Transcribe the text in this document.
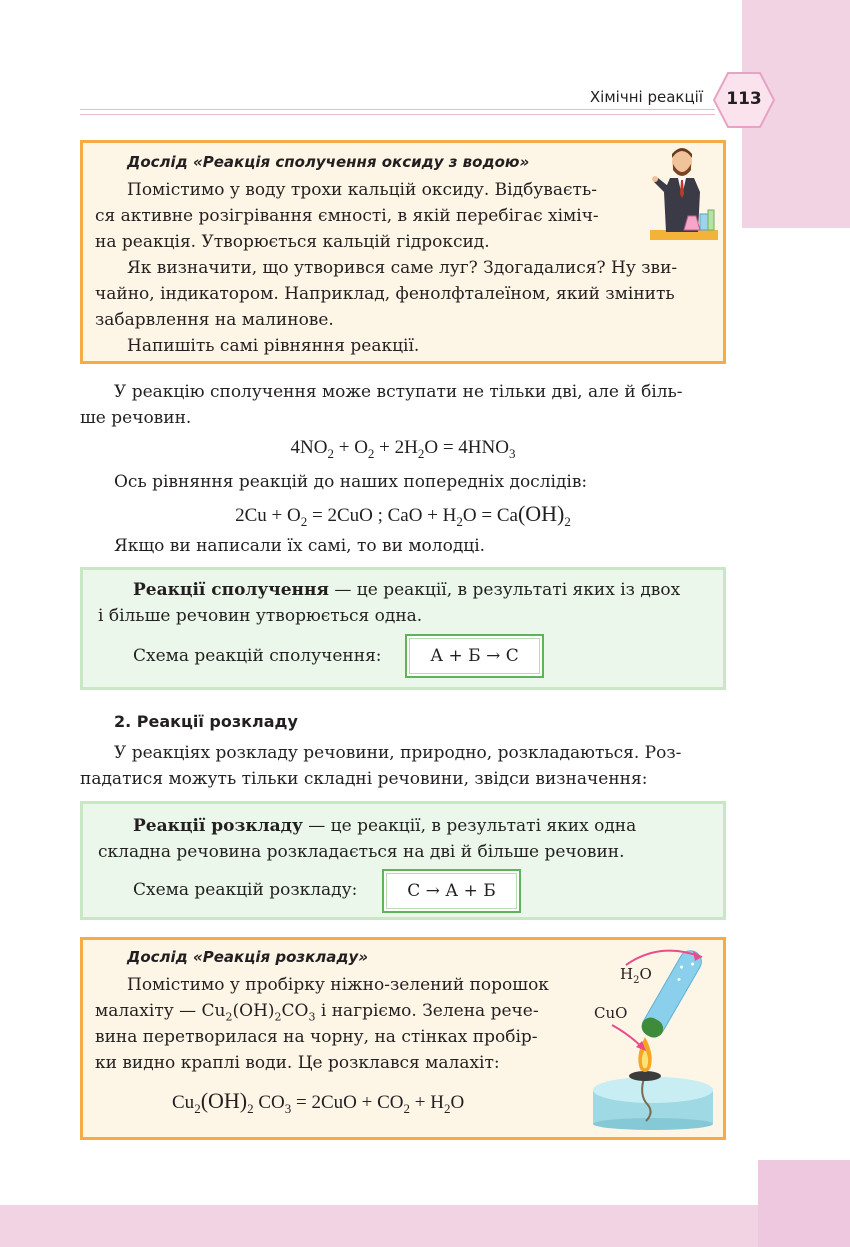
Хімічні реакції	113
Дослід «Реакція сполучення оксиду з водою»

Помістимо у воду трохи кальцій оксиду. Відбуваєть-

ся активне розігрівання ємності, в якій перебігає хіміч-

на реакція. Утворюється кальцій гідроксид.

Як визначити, що утворився саме луг? Здогадалися? Ну зви-

чайно, індикатором. Наприклад, фенолфталеїном, який змінить

забарвлення на малинове.

Напишіть самі рівняння реакції.

У реакцію сполучення може вступати не тільки дві, але й біль-

ше речовин.

$4NO_2 + O_2 + 2H_2O = 4HNO_3$

Ось рівняння реакцій до наших попередніх дослідів:

$2Cu + O_2 = 2CuO$ ; CaO + $H_2O = Ca(OH)_2$

Якщо ви написали їх самі, то ви молодці.

Реакції сполучення — це реакції, в результаті яких із двох

і більше речовин утворюється одна.

Схема реакцій сполучення:	А + Б → С
2. Реакції розкладу

У реакціях розкладу речовини, природно, розкладаються. Роз-

падатися можуть тільки складні речовини, звідси визначення:

Реакції розкладу — це реакції, в результаті яких одна

складна речовина розкладається на дві й більше речовин.

Схема реакцій розкладу:	С → А + Б
Дослід «Реакція розкладу»

Помістимо у пробірку ніжно-зелений порошок

малахіту — $Cu_2(OH)_2CO_3$ і нагріємо. Зелена рече-

вина перетворилася на чорну, на стінках пробір-

ки видно краплі води. Це розклався малахіт:

$Cu_2(OH)_2$ $CO_3 = 2CuO + CO_2 + H_2O$
$H_2O$
CuO
